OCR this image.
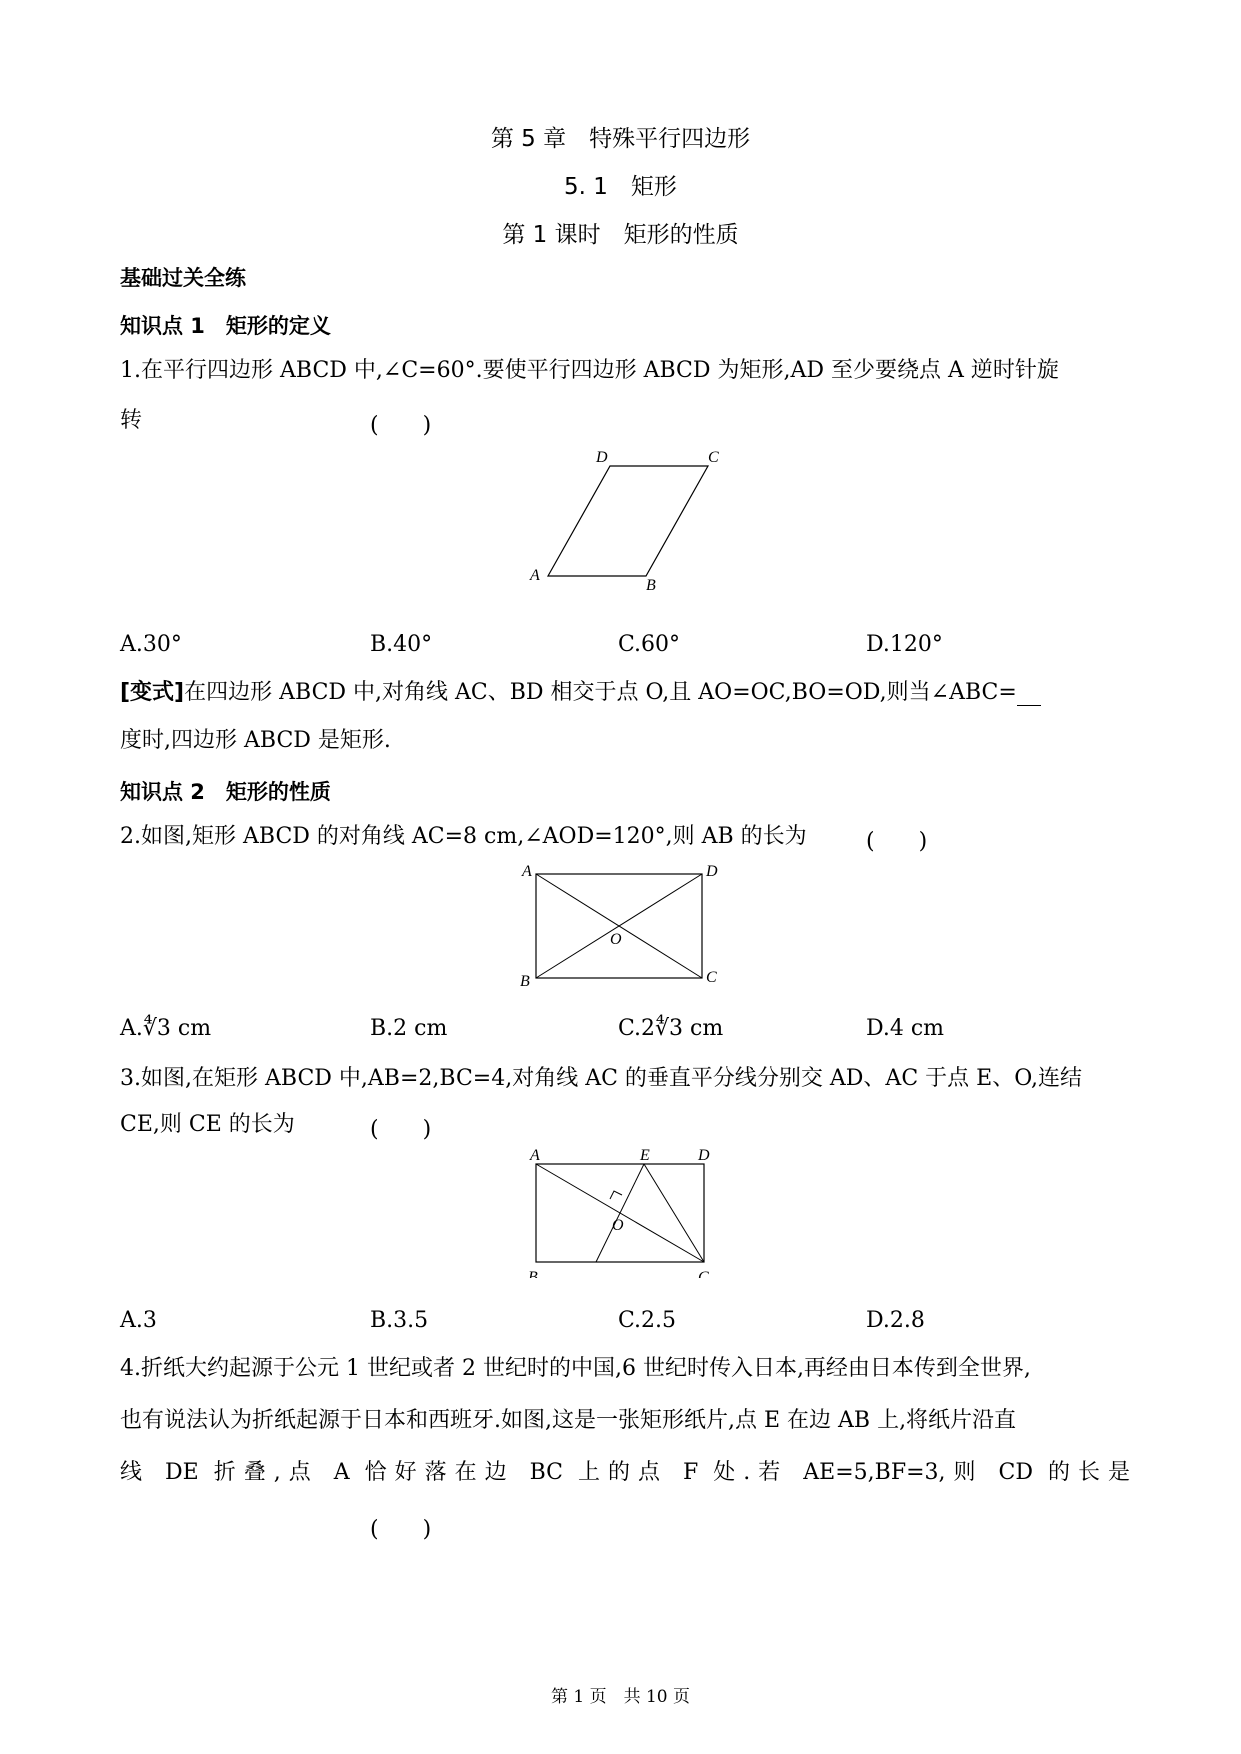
第 5 章　特殊平行四边形
5. 1　矩形
第 1 课时　矩形的性质
基础过关全练
知识点 1　矩形的定义
1.在平行四边形 ABCD 中,∠C=60°.要使平行四边形 ABCD 为矩形,AD 至少要绕点 A 逆时针旋
转	(　　)
D	C
A
B
A.30°	B.40°	C.60°	D.120°
[变式]在四边形 ABCD 中,对角线 AC、BD 相交于点 O,且 AO=OC,BO=OD,则当∠ABC=
度时,四边形 ABCD 是矩形.
知识点 2　矩形的性质
2.如图,矩形 ABCD 的对角线 AC=8 cm,∠AOD=120°,则 AB 的长为	(　　)
A	D
O
B	C
A.∜3 cm	B.2 cm	C.2∜3 cm	D.4 cm
3.如图,在矩形 ABCD 中,AB=2,BC=4,对角线 AC 的垂直平分线分别交 AD、AC 于点 E、O,连结
CE,则 CE 的长为	(　　)
A	E	D
O
B	C
A.3	B.3.5	C.2.5	D.2.8
4.折纸大约起源于公元 1 世纪或者 2 世纪时的中国,6 世纪时传入日本,再经由日本传到全世界,
也有说法认为折纸起源于日本和西班牙.如图,这是一张矩形纸片,点 E 在边 AB 上,将纸片沿直
线 DE 折叠,点 A 恰好落在边 BC 上的点 F 处.若 AE=5,BF=3,则 CD 的长是
(　　)
第 1 页　共 10 页
